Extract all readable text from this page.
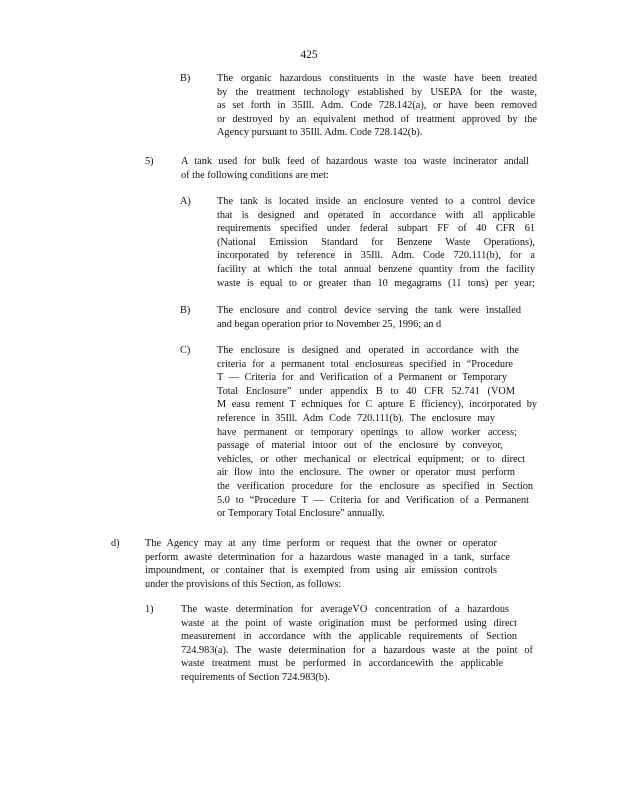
425
B)	The organic hazardous constituents in the waste have been treated
by the treatment technology established by USEPA for the waste,
as set forth in 35Ill. Adm. Code 728.142(a), or have been removed
or destroyed by an equivalent method of treatment approved by the
Agency pursuant to 35Ill. Adm. Code 728.142(b).
5)	A tank used for bulk feed of hazardous waste toa waste incinerator andall
of the following conditions are met:
A)	The tank is located inside an enclosure vented to a control device
that is designed and operated in accordance with all applicable
requirements specified under federal subpart FF of 40 CFR 61
(National Emission Standard for Benzene Waste Operations),
incorporated by reference in 35Ill. Adm. Code 720.111(b), for a
facility at which the total annual benzene quantity from the facility
waste is equal to or greater than 10 megagrams (11 tons) per year;
B)	The enclosure and control device serving the tank were installed
and began operation prior to November 25, 1996; an d
C)	The enclosure is designed and operated in accordance with the
criteria for a permanent total enclosureas specified in “Procedure
T — Criteria for and Verification of a Permanent or Temporary
Total Enclosure” under appendix B to 40 CFR 52.741 (VOM
M easu rement T echniques for C apture E fficiency), incorporated by
reference in 35Ill. Adm Code 720.111(b). The enclosure may
have permanent or temporary openings to allow worker access;
passage of material intoor out of the enclosure by conveyor,
vehicles, or other mechanical or electrical equipment; or to direct
air flow into the enclosure. The owner or operator must perform
the verification procedure for the enclosure as specified in Section
5.0 to “Procedure T — Criteria for and Verification of a Permanent
or Temporary Total Enclosure” annually.
d) The Agency may at any time perform or request that the owner or operator
perform awaste determination for a hazardous waste managed in a tank, surface
impoundment, or container that is exempted from using air emission controls
under the provisions of this Section, as follows:
1)	The waste determination for averageVO concentration of a hazardous
waste at the point of waste origination must be performed using direct
measurement in accordance with the applicable requirements of Section
724.983(a). The waste determination for a hazardous waste at the point of
waste treatment must be performed in accordancewith the applicable
requirements of Section 724.983(b).
